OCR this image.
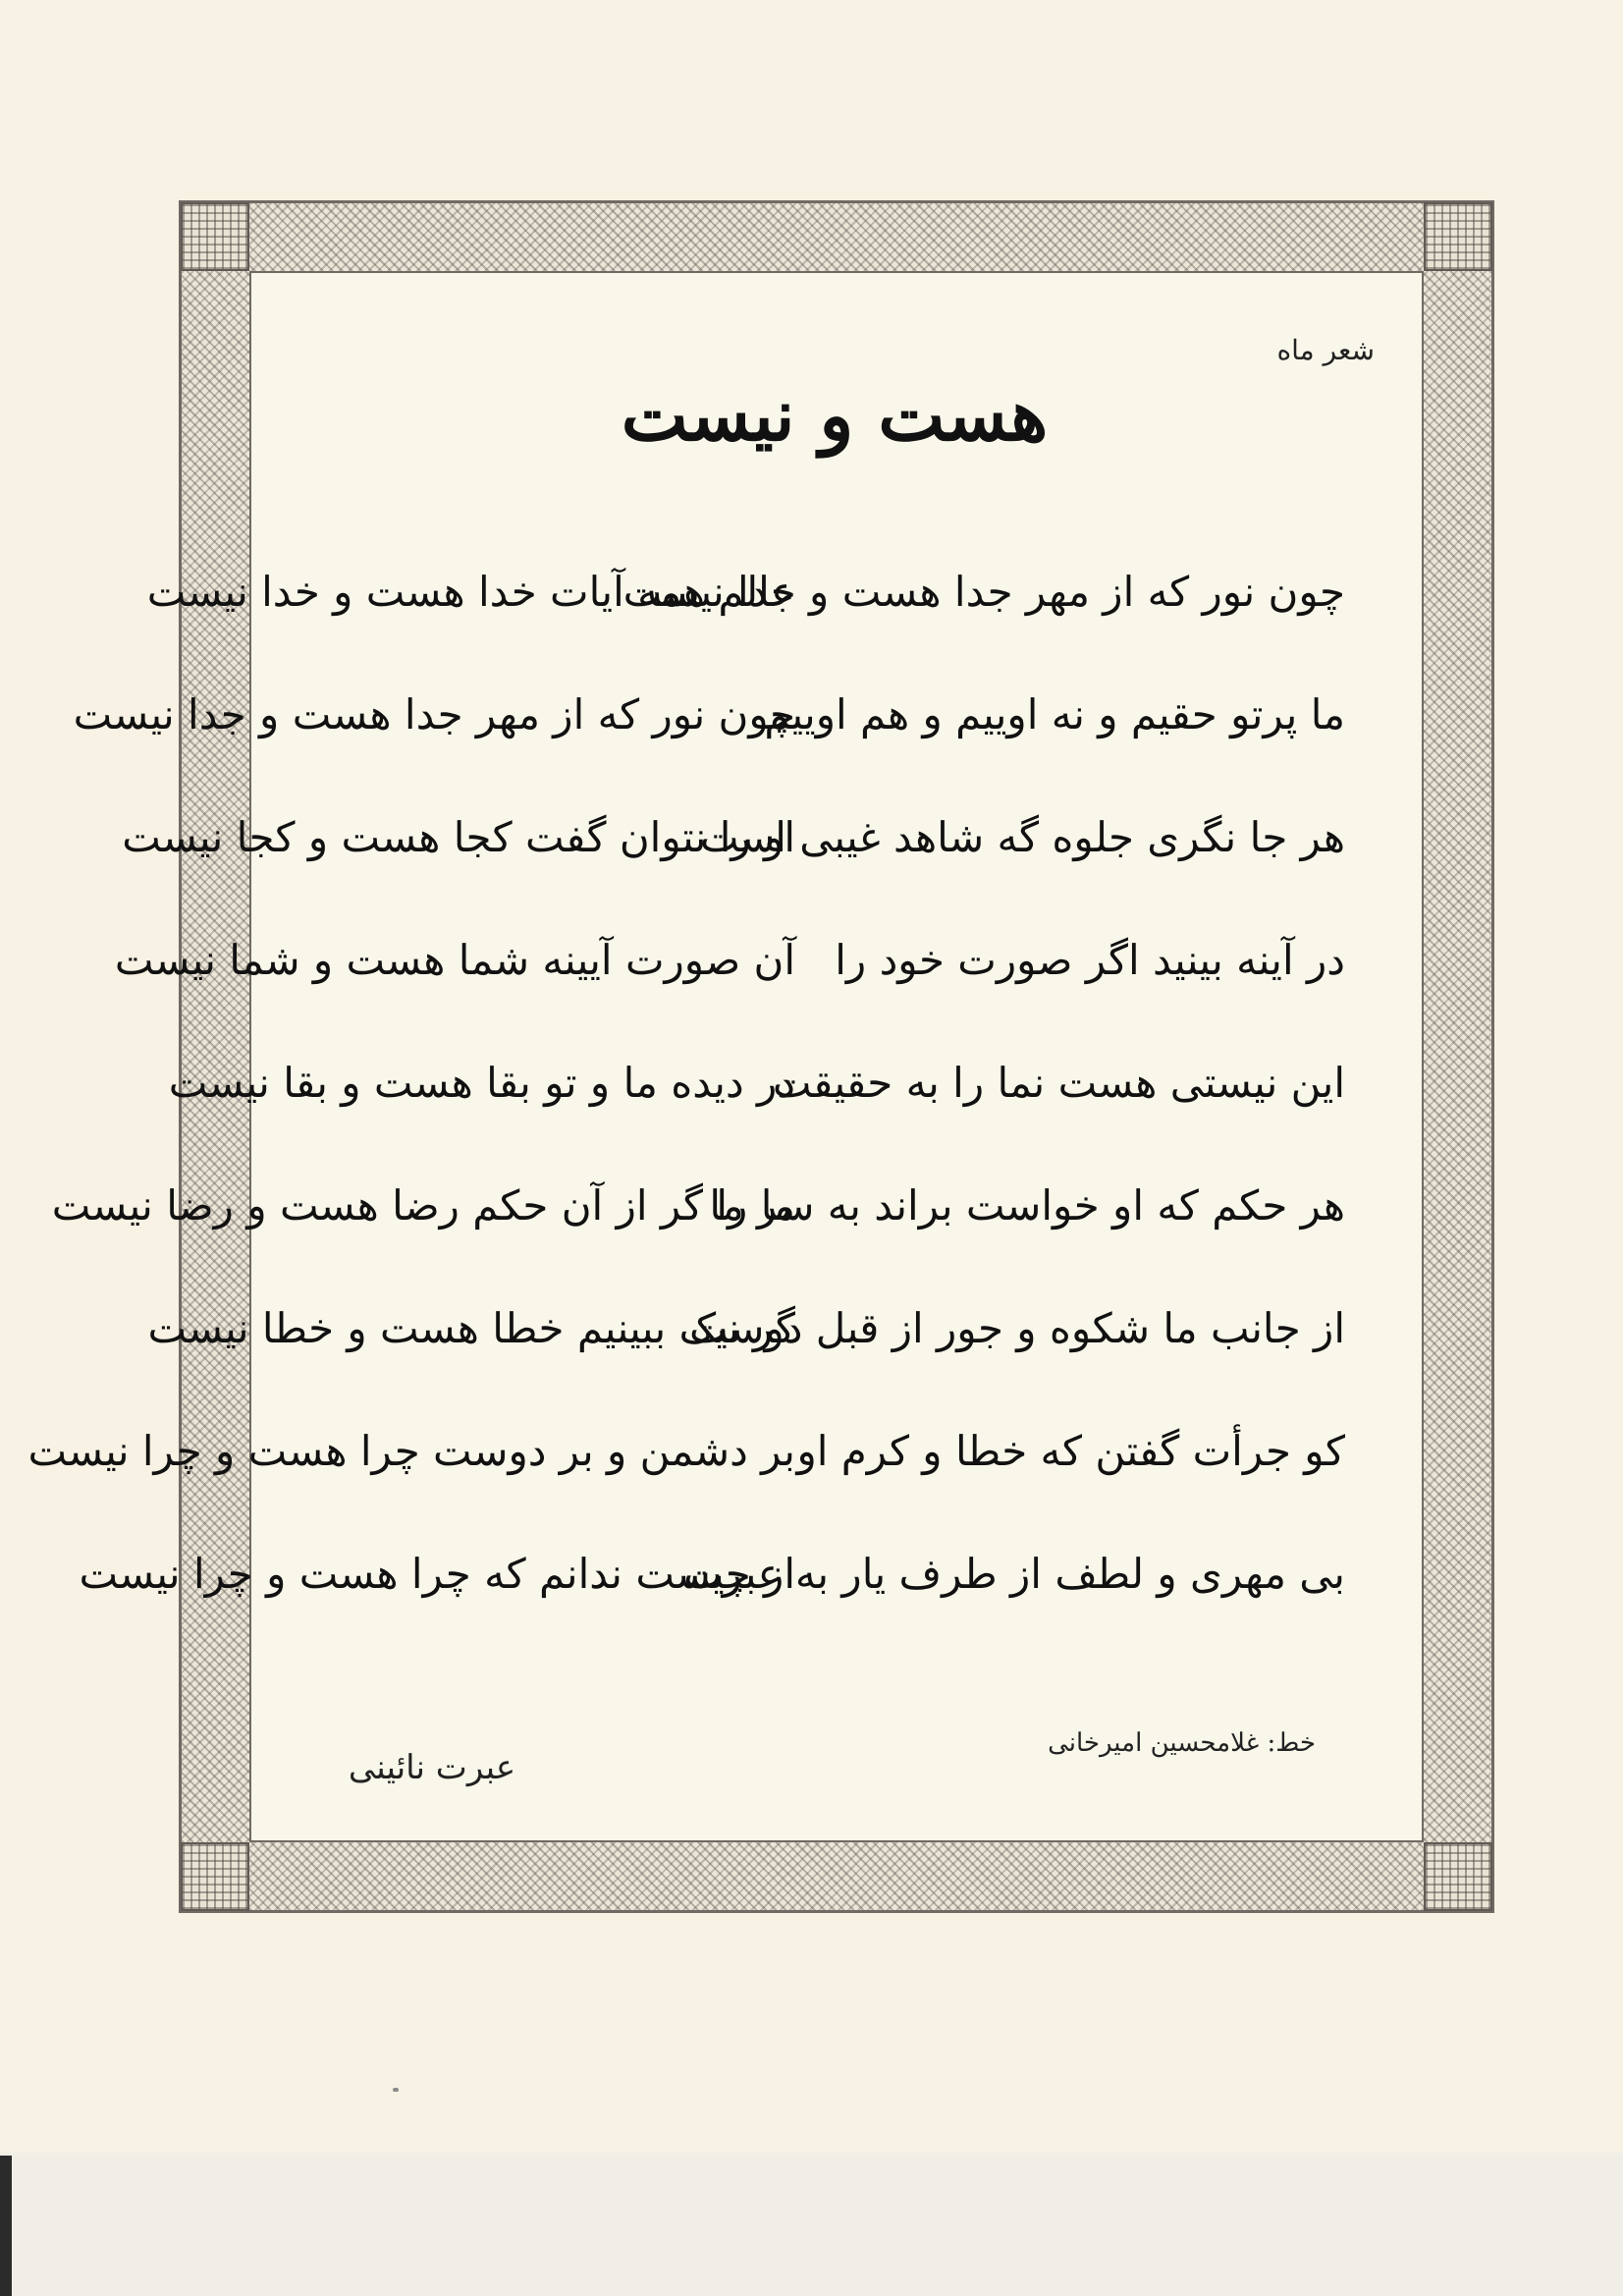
شعر ماه
هست و نیست
چون نور که از مهر جدا هست و جدا نیست
عالم همه آیات خدا هست و خدا نیست
ما پرتو حقیم و نه اوییم و هم اوییم
چون نور که از مهر جدا هست و جدا نیست
هر جا نگری جلوه گه شاهد غیبی است
او را نتوان گفت کجا هست و کجا نیست
در آینه بینید اگر صورت خود را
آن صورت آیینه شما هست و شما نیست
این نیستی هست نما را به حقیقت
در دیده ما و تو بقا هست و بقا نیست
هر حکم که او خواست براند به سر ما
ما را گر از آن حکم رضا هست و رضا نیست
از جانب ما شکوه و جور از قبل دوست
گر نیک ببینیم خطا هست و خطا نیست
کو جرأت گفتن که خطا و کرم او
بر دشمن و بر دوست چرا هست و چرا نیست
بی مهری و لطف از طرف یار به عبرت
از چیست ندانم که چرا هست و چرا نیست
خط: غلامحسین امیرخانی
عبرت نائینی
